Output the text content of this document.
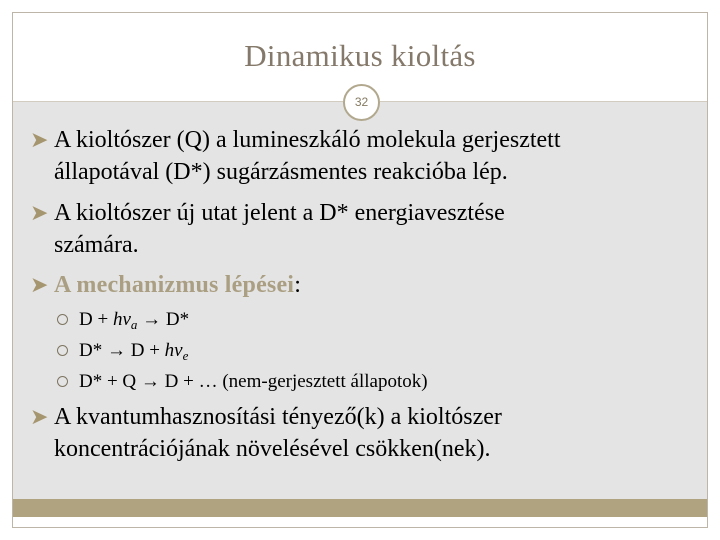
Dinamikus kioltás
32
➤ A kioltószer (Q) a lumineszkáló molekula gerjesztett
állapotával (D*) sugárzásmentes reakcióba lép.
➤ A kioltószer új utat jelent a D* energiavesztése
számára.
➤ A mechanizmus lépései:
$D + h\nu_a \to D*$
$D* \to D + h\nu_e$
D* + Q → D + … (nem-gerjesztett állapotok)
➤ A kvantumhasznosítási tényező(k) a kioltószer
koncentrációjának növelésével csökken(nek).
